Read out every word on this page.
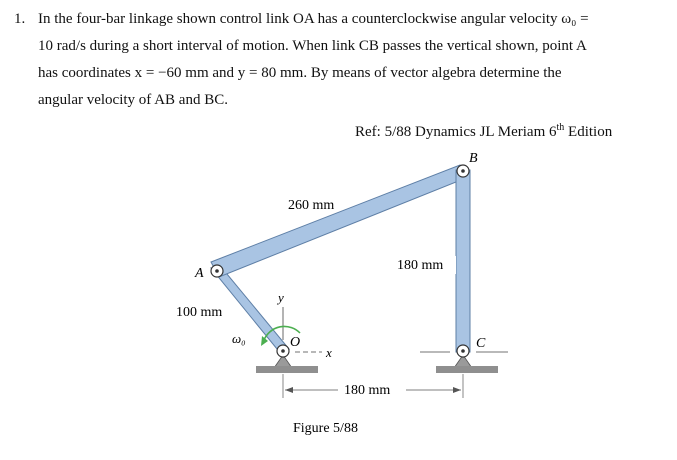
1. In the four-bar linkage shown control link OA has a counterclockwise angular velocity ω₀ =
10 rad/s during a short interval of motion. When link CB passes the vertical shown, point A
has coordinates x = −60 mm and y = 80 mm. By means of vector algebra determine the
angular velocity of AB and BC.
Ref: 5/88 Dynamics JL Meriam 6th Edition
B
A
O	C
y
x
ω₀
260 mm
180 mm
100 mm
180 mm
Figure 5/88
